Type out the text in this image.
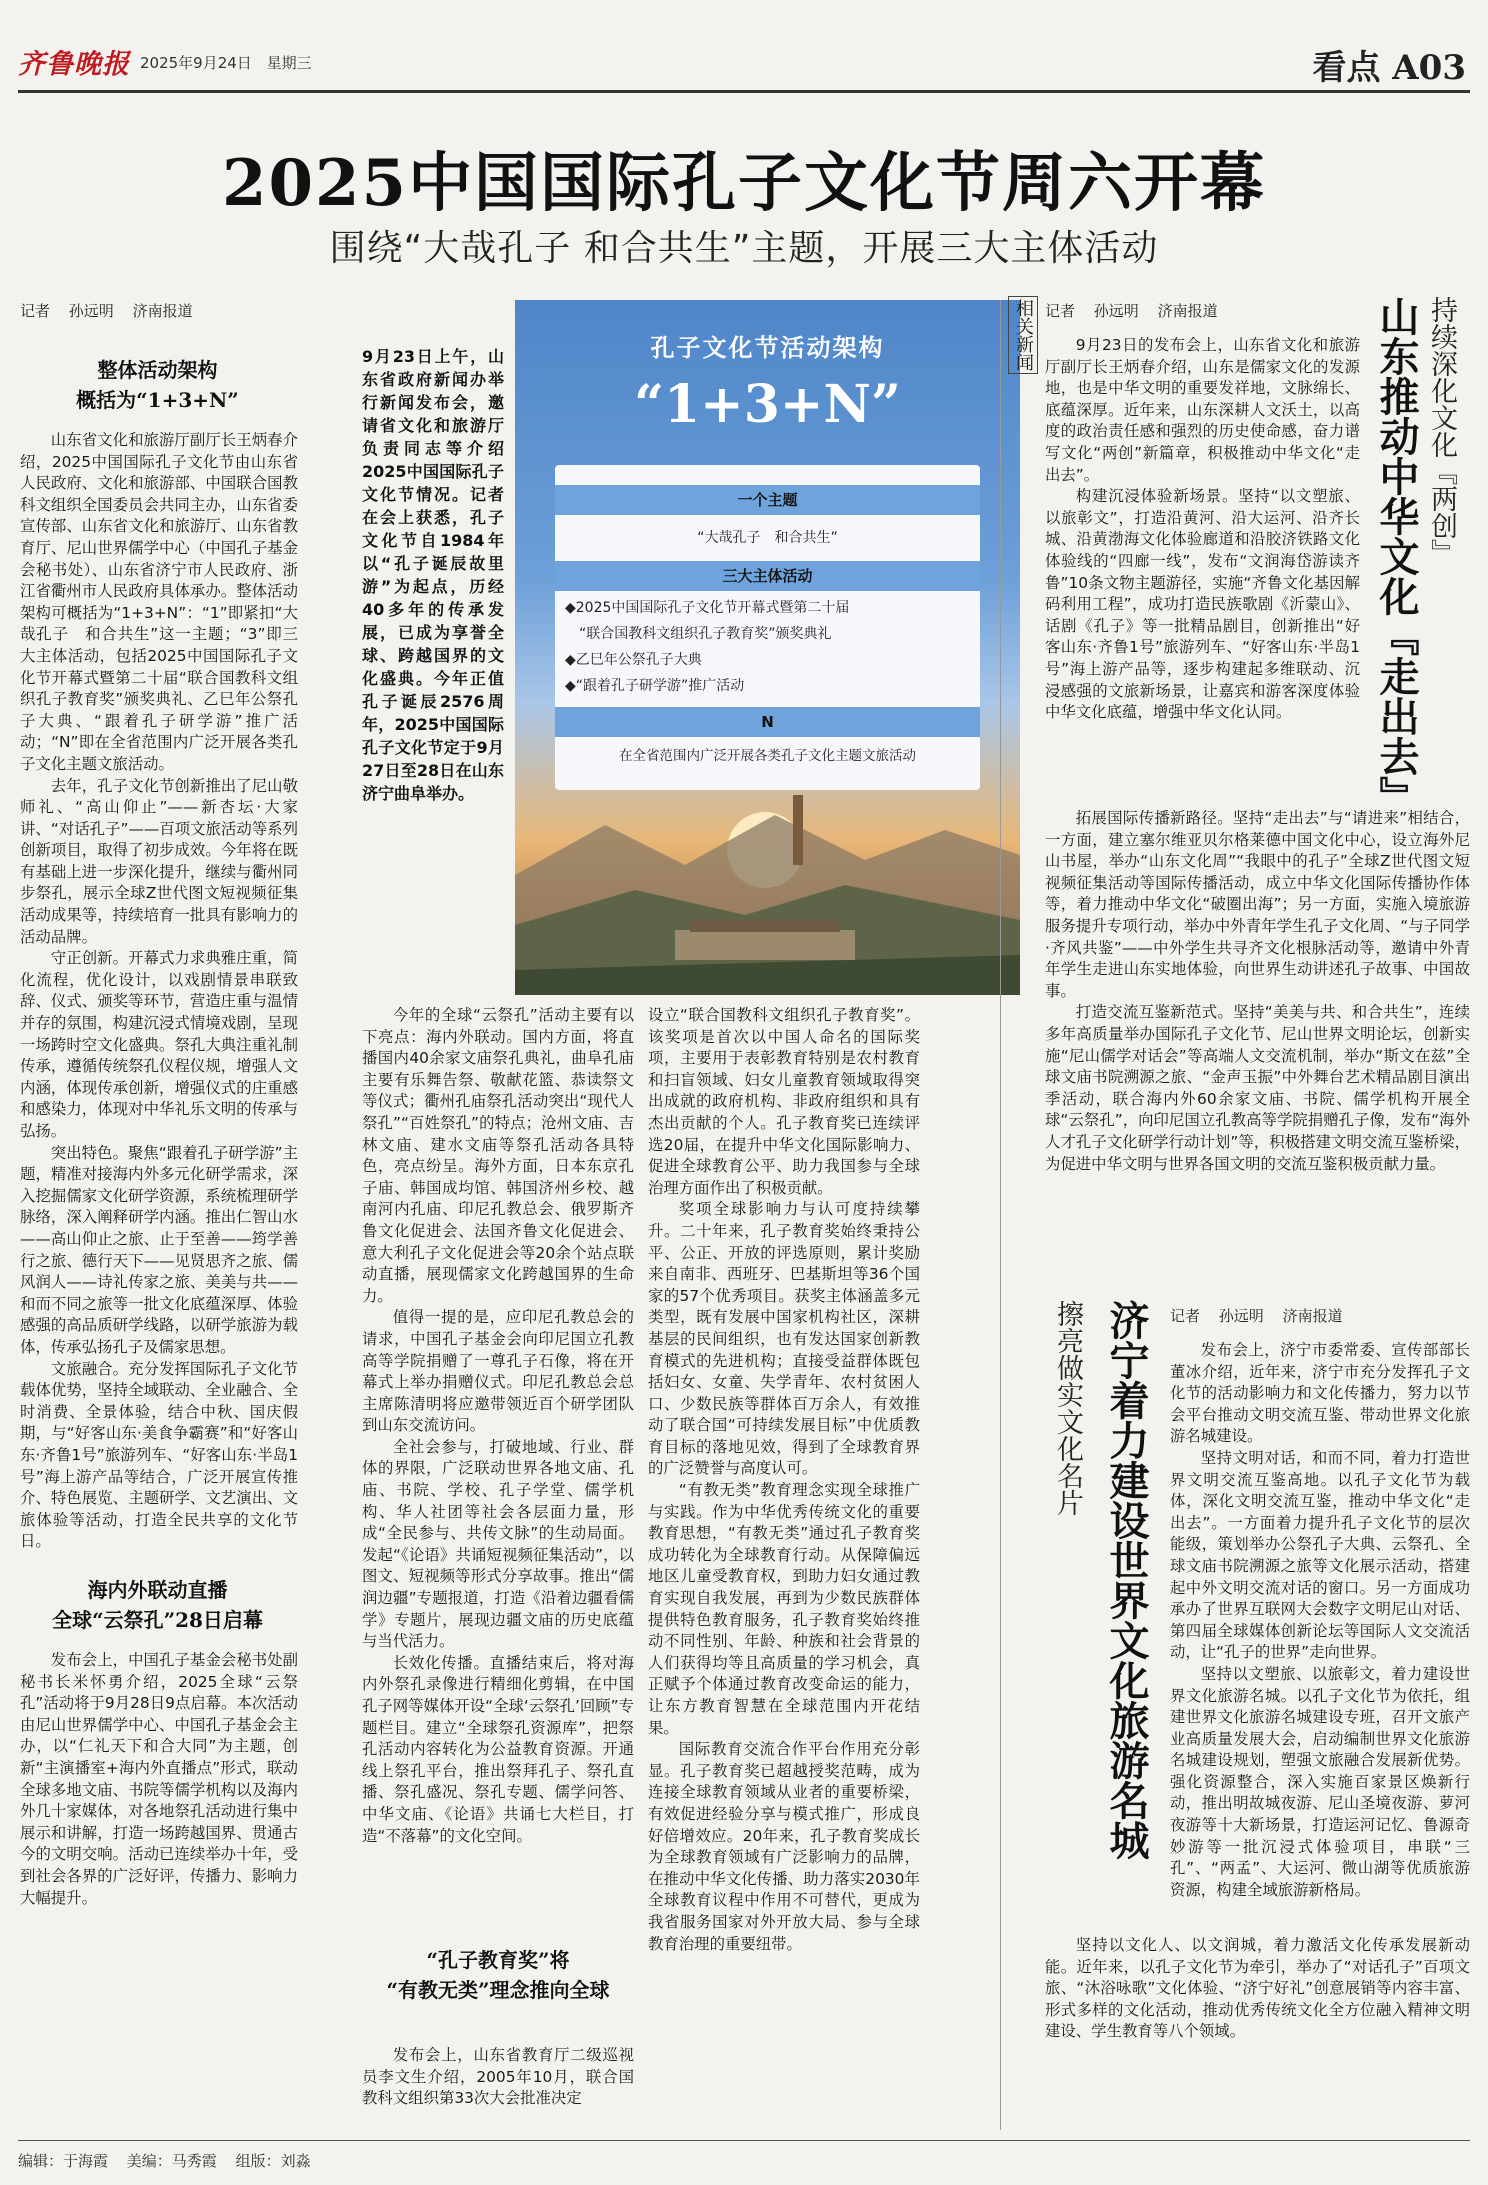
齐鲁晚报 2025年9月24日 星期三	看点 A03
2025中国国际孔子文化节周六开幕
围绕“大哉孔子 和合共生”主题，开展三大主体活动
记者 孙远明 济南报道
整体活动架构
概括为“1+3+N”

山东省文化和旅游厅副厅长王炳春介绍，2025中国国际孔子文化节由山东省人民政府、文化和旅游部、中国联合国教科文组织全国委员会共同主办，山东省委宣传部、山东省文化和旅游厅、山东省教育厅、尼山世界儒学中心（中国孔子基金会秘书处）、山东省济宁市人民政府、浙江省衢州市人民政府具体承办。整体活动架构可概括为“1+3+N”：“1”即紧扣“大哉孔子　和合共生”这一主题；“3”即三大主体活动，包括2025中国国际孔子文化节开幕式暨第二十届“联合国教科文组织孔子教育奖”颁奖典礼、乙巳年公祭孔子大典、“跟着孔子研学游”推广活动；“N”即在全省范围内广泛开展各类孔子文化主题文旅活动。

去年，孔子文化节创新推出了尼山敬师礼、“高山仰止”——新杏坛·大家讲、“对话孔子”——百项文旅活动等系列创新项目，取得了初步成效。今年将在既有基础上进一步深化提升，继续与衢州同步祭孔，展示全球Z世代图文短视频征集活动成果等，持续培育一批具有影响力的活动品牌。

守正创新。开幕式力求典雅庄重，简化流程，优化设计，以戏剧情景串联致辞、仪式、颁奖等环节，营造庄重与温情并存的氛围，构建沉浸式情境戏剧，呈现一场跨时空文化盛典。祭孔大典注重礼制传承，遵循传统祭孔仪程仪规，增强人文内涵，体现传承创新，增强仪式的庄重感和感染力，体现对中华礼乐文明的传承与弘扬。

突出特色。聚焦“跟着孔子研学游”主题，精准对接海内外多元化研学需求，深入挖掘儒家文化研学资源，系统梳理研学脉络，深入阐释研学内涵。推出仁智山水——高山仰止之旅、止于至善——筠学善行之旅、德行天下——见贤思齐之旅、儒风润人——诗礼传家之旅、美美与共——和而不同之旅等一批文化底蕴深厚、体验感强的高品质研学线路，以研学旅游为载体，传承弘扬孔子及儒家思想。

文旅融合。充分发挥国际孔子文化节载体优势，坚持全域联动、全业融合、全时消费、全景体验，结合中秋、国庆假期，与“好客山东·美食争霸赛”和“好客山东·齐鲁1号”旅游列车、“好客山东·半岛1号”海上游产品等结合，广泛开展宣传推介、特色展览、主题研学、文艺演出、文旅体验等活动，打造全民共享的文化节日。

海内外联动直播
全球“云祭孔”28日启幕

发布会上，中国孔子基金会秘书处副秘书长米怀勇介绍，2025全球“云祭孔”活动将于9月28日9点启幕。本次活动由尼山世界儒学中心、中国孔子基金会主办，以“仁礼天下和合大同”为主题，创新“主演播室+海内外直播点”形式，联动全球多地文庙、书院等儒学机构以及海内外几十家媒体，对各地祭孔活动进行集中展示和讲解，打造一场跨越国界、贯通古今的文明交响。活动已连续举办十年，受到社会各界的广泛好评，传播力、影响力大幅提升。

9月23日上午，山东省政府新闻办举行新闻发布会，邀请省文化和旅游厅负责同志等介绍2025中国国际孔子文化节情况。记者在会上获悉，孔子文化节自1984年以“孔子诞辰故里游”为起点，历经40多年的传承发展，已成为享誉全球、跨越国界的文化盛典。今年正值孔子诞辰2576周年，2025中国国际孔子文化节定于9月27日至28日在山东济宁曲阜举办。
孔子文化节活动架构
“1+3+N”
一个主题
“大哉孔子　和合共生”
三大主体活动
◆2025中国国际孔子文化节开幕式暨第二十届
　“联合国教科文组织孔子教育奖”颁奖典礼
◆乙巳年公祭孔子大典
◆“跟着孔子研学游”推广活动
N
在全省范围内广泛开展各类孔子文化主题文旅活动

今年的全球“云祭孔”活动主要有以下亮点：海内外联动。国内方面，将直播国内40余家文庙祭孔典礼，曲阜孔庙主要有乐舞告祭、敬献花篮、恭读祭文等仪式；衢州孔庙祭孔活动突出“现代人祭孔”“百姓祭孔”的特点；沧州文庙、吉林文庙、建水文庙等祭孔活动各具特色，亮点纷呈。海外方面，日本东京孔子庙、韩国成均馆、韩国济州乡校、越南河内孔庙、印尼孔教总会、俄罗斯齐鲁文化促进会、法国齐鲁文化促进会、意大利孔子文化促进会等20余个站点联动直播，展现儒家文化跨越国界的生命力。

值得一提的是，应印尼孔教总会的请求，中国孔子基金会向印尼国立孔教高等学院捐赠了一尊孔子石像，将在开幕式上举办捐赠仪式。印尼孔教总会总主席陈清明将应邀带领近百个研学团队到山东交流访问。

全社会参与，打破地域、行业、群体的界限，广泛联动世界各地文庙、孔庙、书院、学校、孔子学堂、儒学机构、华人社团等社会各层面力量，形成“全民参与、共传文脉”的生动局面。发起“《论语》共诵短视频征集活动”，以图文、短视频等形式分享故事。推出“儒润边疆”专题报道，打造《沿着边疆看儒学》专题片，展现边疆文庙的历史底蕴与当代活力。

长效化传播。直播结束后，将对海内外祭孔录像进行精细化剪辑，在中国孔子网等媒体开设“全球‘云祭孔’回顾”专题栏目。建立“全球祭孔资源库”，把祭孔活动内容转化为公益教育资源。开通线上祭孔平台，推出祭拜孔子、祭孔直播、祭孔盛况、祭孔专题、儒学问答、中华文庙、《论语》共诵七大栏目，打造“不落幕”的文化空间。

“孔子教育奖”将
“有教无类”理念推向全球

发布会上，山东省教育厅二级巡视员李文生介绍，2005年10月，联合国教科文组织第33次大会批准决定

设立“联合国教科文组织孔子教育奖”。该奖项是首次以中国人命名的国际奖项，主要用于表彰教育特别是农村教育和扫盲领域、妇女儿童教育领域取得突出成就的政府机构、非政府组织和具有杰出贡献的个人。孔子教育奖已连续评选20届，在提升中华文化国际影响力、促进全球教育公平、助力我国参与全球治理方面作出了积极贡献。

奖项全球影响力与认可度持续攀升。二十年来，孔子教育奖始终秉持公平、公正、开放的评选原则，累计奖励来自南非、西班牙、巴基斯坦等36个国家的57个优秀项目。获奖主体涵盖多元类型，既有发展中国家机构社区，深耕基层的民间组织，也有发达国家创新教育模式的先进机构；直接受益群体既包括妇女、女童、失学青年、农村贫困人口、少数民族等群体百万余人，有效推动了联合国“可持续发展目标”中优质教育目标的落地见效，得到了全球教育界的广泛赞誉与高度认可。

“有教无类”教育理念实现全球推广与实践。作为中华优秀传统文化的重要教育思想，“有教无类”通过孔子教育奖成功转化为全球教育行动。从保障偏远地区儿童受教育权，到助力妇女通过教育实现自我发展，再到为少数民族群体提供特色教育服务，孔子教育奖始终推动不同性别、年龄、种族和社会背景的人们获得均等且高质量的学习机会，真正赋予个体通过教育改变命运的能力，让东方教育智慧在全球范围内开花结果。

国际教育交流合作平台作用充分彰显。孔子教育奖已超越授奖范畴，成为连接全球教育领域从业者的重要桥梁，有效促进经验分享与模式推广，形成良好倍增效应。20年来，孔子教育奖成长为全球教育领域有广泛影响力的品牌，在推动中华文化传播、助力落实2030年全球教育议程中作用不可替代，更成为我省服务国家对外开放大局、参与全球教育治理的重要纽带。

相关新闻 记者 孙远明 济南报道	持续深化文化『两创』
山东推动中华文化『走出去』

9月23日的发布会上，山东省文化和旅游厅副厅长王炳春介绍，山东是儒家文化的发源地，也是中华文明的重要发祥地，文脉绵长、底蕴深厚。近年来，山东深耕人文沃土，以高度的政治责任感和强烈的历史使命感，奋力谱写文化“两创”新篇章，积极推动中华文化“走出去”。

构建沉浸体验新场景。坚持“以文塑旅、以旅彰文”，打造沿黄河、沿大运河、沿齐长城、沿黄渤海文化体验廊道和沿胶济铁路文化体验线的“四廊一线”，发布“文润海岱游读齐鲁”10条文物主题游径，实施“齐鲁文化基因解码利用工程”，成功打造民族歌剧《沂蒙山》、话剧《孔子》等一批精品剧目，创新推出“好客山东·齐鲁1号”旅游列车、“好客山东·半岛1号”海上游产品等，逐步构建起多维联动、沉浸感强的文旅新场景，让嘉宾和游客深度体验中华文化底蕴，增强中华文化认同。

拓展国际传播新路径。坚持“走出去”与“请进来”相结合，一方面，建立塞尔维亚贝尔格莱德中国文化中心，设立海外尼山书屋，举办“山东文化周”“我眼中的孔子”全球Z世代图文短视频征集活动等国际传播活动，成立中华文化国际传播协作体等，着力推动中华文化“破圈出海”；另一方面，实施入境旅游服务提升专项行动，举办中外青年学生孔子文化周、“与子同学·齐风共鉴”——中外学生共寻齐文化根脉活动等，邀请中外青年学生走进山东实地体验，向世界生动讲述孔子故事、中国故事。

打造交流互鉴新范式。坚持“美美与共、和合共生”，连续多年高质量举办国际孔子文化节、尼山世界文明论坛，创新实施“尼山儒学对话会”等高端人文交流机制，举办“斯文在兹”全球文庙书院溯源之旅、“金声玉振”中外舞台艺术精品剧目演出季活动，联合海内外60余家文庙、书院、儒学机构开展全球“云祭孔”，向印尼国立孔教高等学院捐赠孔子像，发布“海外人才孔子文化研学行动计划”等，积极搭建文明交流互鉴桥梁，为促进中华文明与世界各国文明的交流互鉴积极贡献力量。

擦亮做实文化名片 济宁着力建设世界文化旅游名城	记者 孙远明 济南报道

发布会上，济宁市委常委、宣传部部长董冰介绍，近年来，济宁市充分发挥孔子文化节的活动影响力和文化传播力，努力以节会平台推动文明交流互鉴、带动世界文化旅游名城建设。

坚持文明对话，和而不同，着力打造世界文明交流互鉴高地。以孔子文化节为载体，深化文明交流互鉴，推动中华文化“走出去”。一方面着力提升孔子文化节的层次能级，策划举办公祭孔子大典、云祭孔、全球文庙书院溯源之旅等文化展示活动，搭建起中外文明交流对话的窗口。另一方面成功承办了世界互联网大会数字文明尼山对话、第四届全球媒体创新论坛等国际人文交流活动，让“孔子的世界”走向世界。

坚持以文塑旅、以旅彰文，着力建设世界文化旅游名城。以孔子文化节为依托，组建世界文化旅游名城建设专班，召开文旅产业高质量发展大会，启动编制世界文化旅游名城建设规划，塑强文旅融合发展新优势。强化资源整合，深入实施百家景区焕新行动，推出明故城夜游、尼山圣境夜游、萝河夜游等十大新场景，打造运河记忆、鲁源奇妙游等一批沉浸式体验项目，串联“三孔”、“两孟”、大运河、微山湖等优质旅游资源，构建全域旅游新格局。

坚持以文化人、以文润城，着力激活文化传承发展新动能。近年来，以孔子文化节为牵引，举办了“对话孔子”百项文旅、“沐浴咏歌”文化体验、“济宁好礼”创意展销等内容丰富、形式多样的文化活动，推动优秀传统文化全方位融入精神文明建设、学生教育等八个领域。

编辑：于海霞 美编：马秀霞 组版：刘淼
